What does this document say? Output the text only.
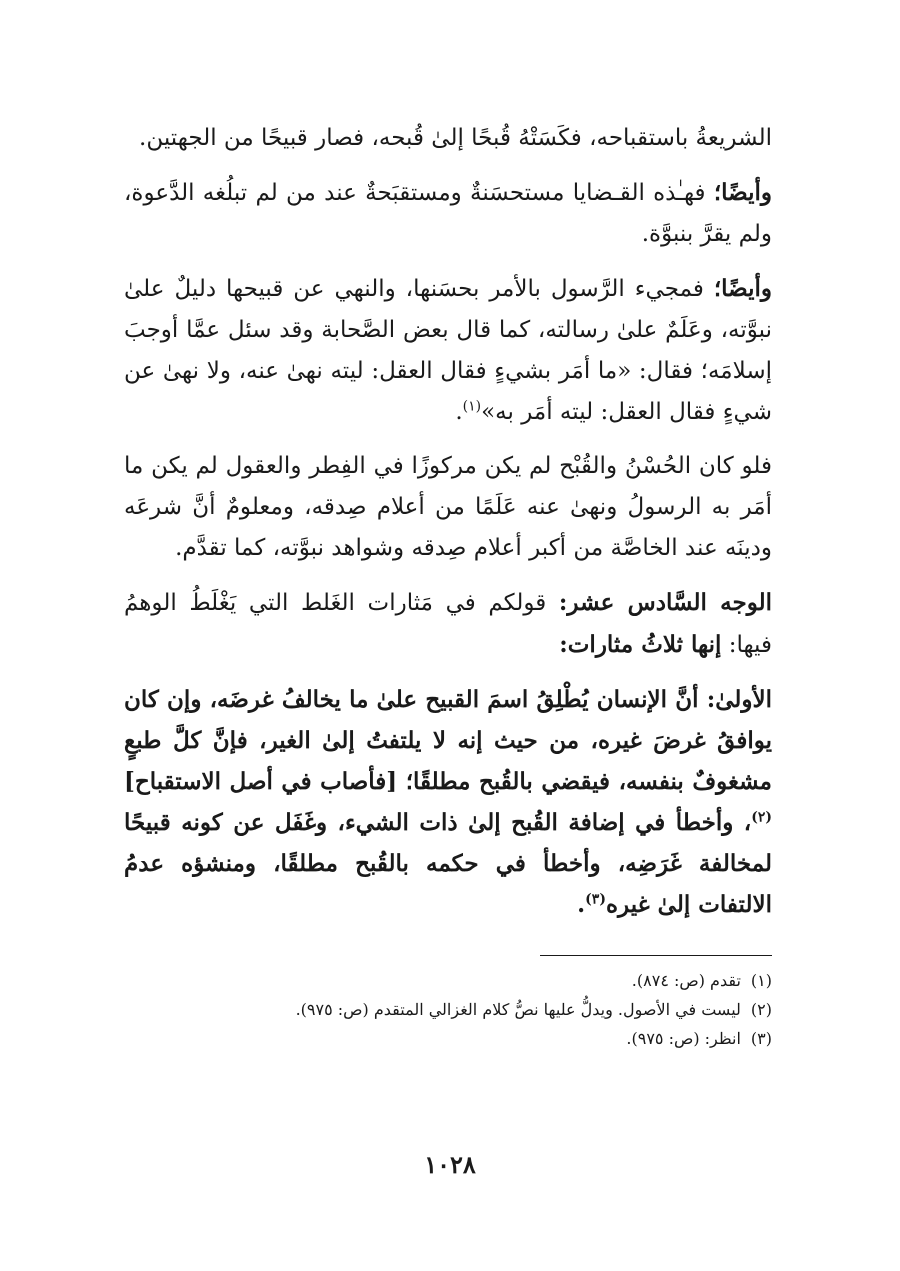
الشريعةُ باستقباحه، فكَسَتْهُ قُبحًا إلىٰ قُبحه، فصار قبيحًا من الجهتين.

وأيضًا؛ فهـٰذه القـضايا مستحسَنةٌ ومستقبَحةٌ عند من لم تبلُغه الدَّعوة، ولم يقرَّ بنبوَّة.

وأيضًا؛ فمجيء الرَّسول بالأمر بحسَنها، والنهي عن قبيحها دليلٌ علىٰ نبوَّته، وعَلَمٌ علىٰ رسالته، كما قال بعض الصَّحابة وقد سئل عمَّا أوجبَ إسلامَه؛ فقال: «ما أمَر بشيءٍ فقال العقل: ليته نهىٰ عنه، ولا نهىٰ عن شيءٍ فقال العقل: ليته أمَر به»$^{(١)}$.

فلو كان الحُسْنُ والقُبْح لم يكن مركوزًا في الفِطر والعقول لم يكن ما أمَر به الرسولُ ونهىٰ عنه عَلَمًا من أعلام صِدقه، ومعلومٌ أنَّ شرعَه ودينَه عند الخاصَّة من أكبر أعلام صِدقه وشواهد نبوَّته، كما تقدَّم.

الوجه السَّادس عشر: قولكم في مَثارات الغَلط التي يَغْلَطُ الوهمُ فيها: إنها ثلاثُ مثارات:

الأولىٰ: أنَّ الإنسان يُطْلِقُ اسمَ القبيح علىٰ ما يخالفُ غرضَه، وإن كان يوافقُ غرضَ غيره، من حيث إنه لا يلتفتُ إلىٰ الغير، فإنَّ كلَّ طبعٍ مشغوفٌ بنفسه، فيقضي بالقُبح مطلقًا؛ [فأصاب في أصل الاستقباح]$^{(٢)}$، وأخطأ في إضافة القُبح إلىٰ ذات الشيء، وغَفَل عن كونه قبيحًا لمخالفة غَرَضِه، وأخطأ في حكمه بالقُبح مطلقًا، ومنشؤه عدمُ الالتفات إلىٰ غيره$^{(٣)}$.

(١)
تقدم (ص: ٨٧٤).

(٢)
ليست في الأصول. ويدلُّ عليها نصُّ كلام الغزالي المتقدم (ص: ٩٧٥).

(٣)
انظر: (ص: ٩٧٥).

١٠٢٨
